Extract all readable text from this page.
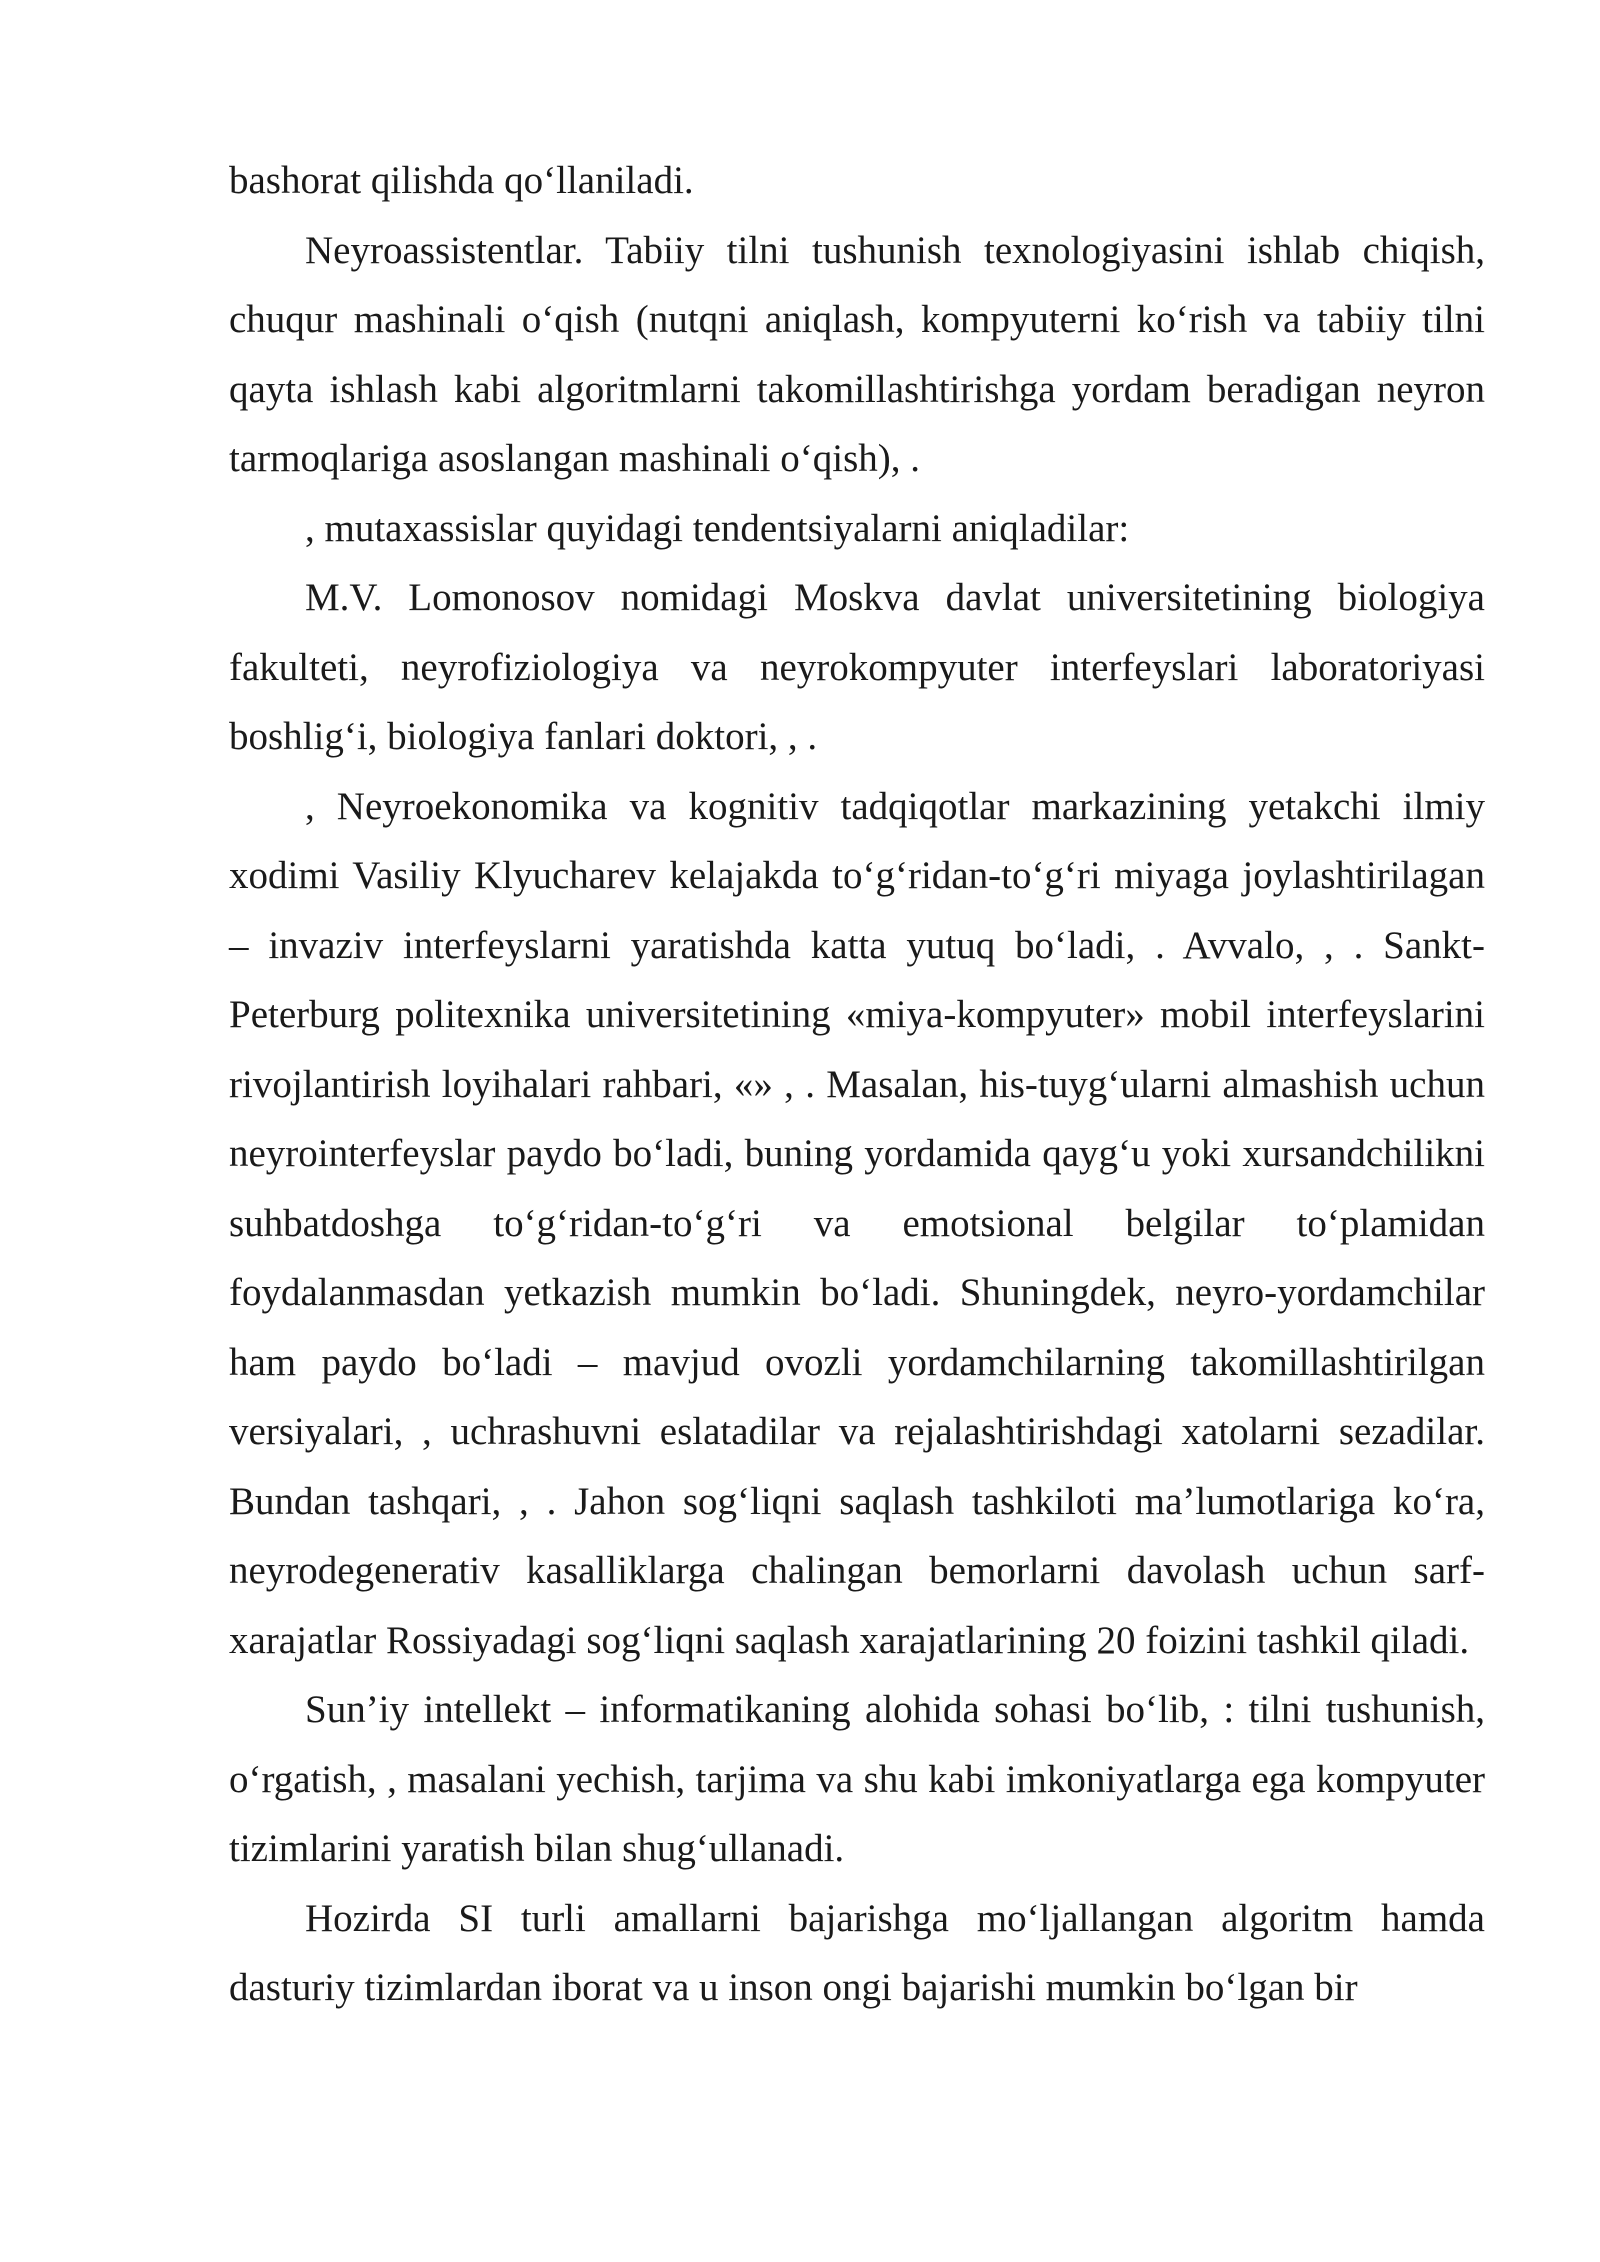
bashorat qilishda qo‘llaniladi.

Neyroassistentlar. Tabiiy tilni tushunish texnologiyasini ishlab chiqish, chuqur mashinali o‘qish (nutqni aniqlash, kompyuterni ko‘rish va tabiiy tilni qayta ishlash kabi algoritmlarni takomillashtirishga yordam beradigan neyron tarmoqlariga asoslangan mashinali o‘qish), .

, mutaxassislar quyidagi tendentsiyalarni aniqladilar:

M.V. Lomonosov nomidagi Moskva davlat universitetining biologiya fakulteti, neyrofiziologiya va neyrokompyuter interfeyslari laboratoriyasi boshlig‘i, biologiya fanlari doktori, , .

, Neyroekonomika va kognitiv tadqiqotlar markazining yetakchi ilmiy xodimi Vasiliy Klyucharev kelajakda to‘g‘ridan-to‘g‘ri miyaga joylashtirilagan – invaziv interfeyslarni yaratishda katta yutuq bo‘ladi, . Avvalo, , . Sankt-Peterburg politexnika universitetining «miya-kompyuter» mobil interfeyslarini rivojlantirish loyihalari rahbari, «» , . Masalan, his-tuyg‘ularni almashish uchun neyrointerfeyslar paydo bo‘ladi, buning yordamida qayg‘u yoki xursandchilikni suhbatdoshga to‘g‘ridan-to‘g‘ri va emotsional belgilar to‘plamidan foydalanmasdan yetkazish mumkin bo‘ladi. Shuningdek, neyro-yordamchilar ham paydo bo‘ladi – mavjud ovozli yordamchilarning takomillashtirilgan versiyalari, , uchrashuvni eslatadilar va rejalashtirishdagi xatolarni sezadilar. Bundan tashqari, , . Jahon sog‘liqni saqlash tashkiloti ma’lumotlariga ko‘ra, neyrodegenerativ kasalliklarga chalingan bemorlarni davolash uchun sarf-xarajatlar Rossiyadagi sog‘liqni saqlash xarajatlarining 20 foizini tashkil qiladi.

Sun’iy intellekt – informatikaning alohida sohasi bo‘lib, : tilni tushunish, o‘rgatish, , masalani yechish, tarjima va shu kabi imkoniyatlarga ega kompyuter tizimlarini yaratish bilan shug‘ullanadi.

Hozirda SI turli amallarni bajarishga mo‘ljallangan algoritm hamda dasturiy tizimlardan iborat va u inson ongi bajarishi mumkin bo‘lgan bir
